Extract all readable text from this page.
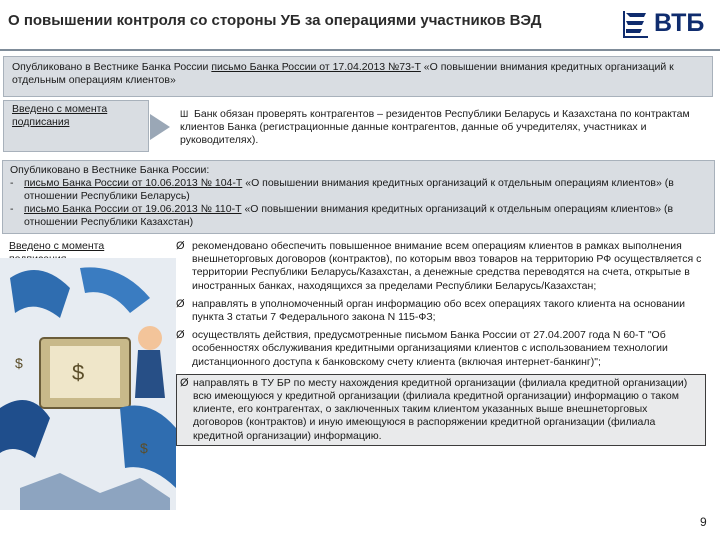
О повышении контроля со стороны УБ за операциями участников ВЭД	ВТБ
Опубликовано в Вестнике Банка России письмо Банка России от 17.04.2013 №73-Т «О повышении внимания кредитных организаций к отдельным операциям клиентов»
Введено с момента подписания
Ш Банк обязан проверять контрагентов – резидентов Республики Беларусь и Казахстана по контрактам клиентов Банка (регистрационные данные контрагентов, данные об учредителях, участниках и руководителях).
Опубликовано в Вестнике Банка России:
- письмо Банка России от 10.06.2013 № 104-Т «О повышении внимания кредитных организаций к отдельным операциям клиентов» (в отношении Республики Беларусь)
- письмо Банка России от 19.06.2013 № 110-Т «О повышении внимания кредитных организаций к отдельным операциям клиентов» (в отношении Республики Казахстан)
Введено с момента
$
$
$
Ø рекомендовано обеспечить повышенное внимание всем операциям клиентов в рамках выполнения внешнеторговых договоров (контрактов), по которым ввоз товаров на территорию РФ осуществляется с территории Республики Беларусь/Казахстан, а денежные средства переводятся на счета, открытые в иностранных банках, находящихся за пределами Республики Беларусь/Казахстан;
Ø направлять в уполномоченный орган информацию обо всех операциях такого клиента на основании пункта 3 статьи 7 Федерального закона N 115-ФЗ;
Ø осуществлять действия, предусмотренные письмом Банка России от 27.04.2007 года N 60-Т "Об особенностях обслуживания кредитными организациями клиентов с использованием технологии дистанционного доступа к банковскому счету клиента (включая интернет-банкинг)";
Ø направлять в ТУ БР по месту нахождения кредитной организации (филиала кредитной организации) всю имеющуюся у кредитной организации (филиала кредитной организации) информацию о таком клиенте, его контрагентах, о заключенных таким клиентом указанных выше внешнеторговых договоров (контрактов) и иную имеющуюся в распоряжении кредитной организации (филиала кредитной организации) информацию.
9
